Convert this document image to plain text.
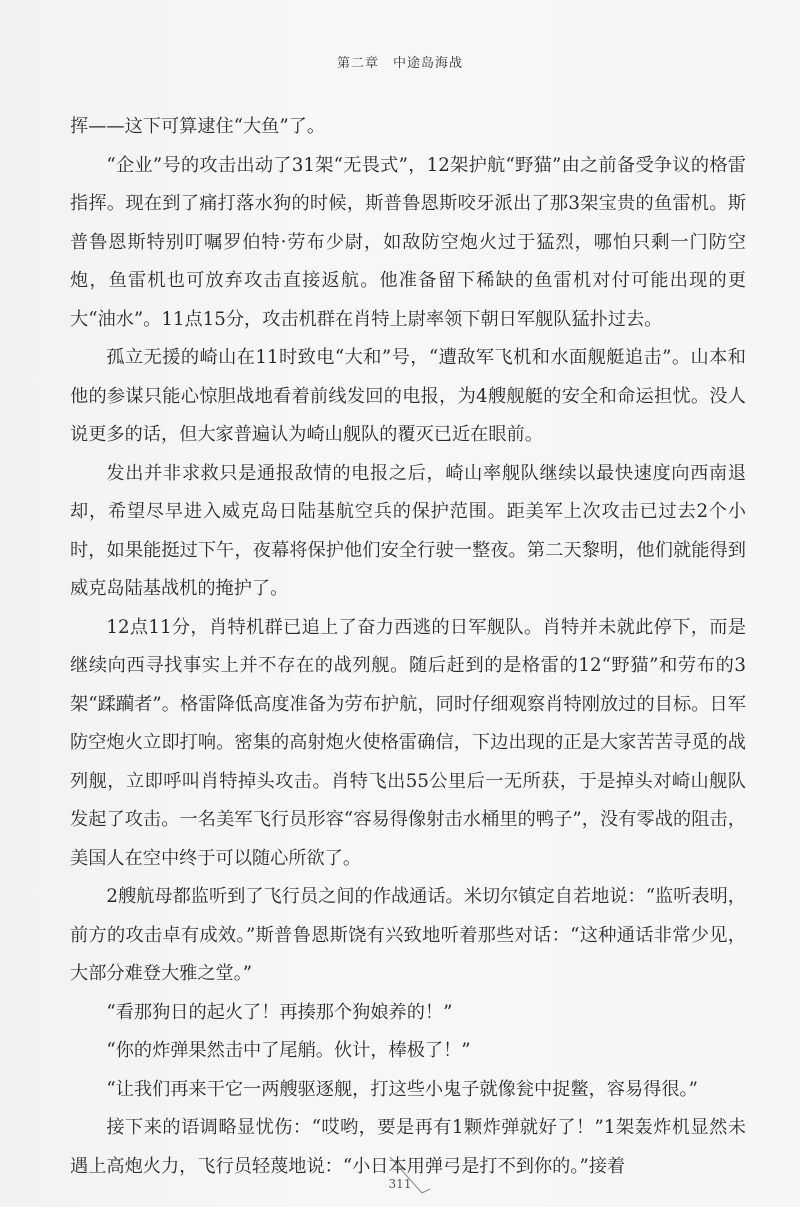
第二章　中途岛海战

挥——这下可算逮住“大鱼”了。

“企业”号的攻击出动了31架“无畏式”，12架护航“野猫”由之前备受争议的格雷指挥。现在到了痛打落水狗的时候，斯普鲁恩斯咬牙派出了那3架宝贵的鱼雷机。斯普鲁恩斯特别叮嘱罗伯特·劳布少尉，如敌防空炮火过于猛烈，哪怕只剩一门防空炮，鱼雷机也可放弃攻击直接返航。他准备留下稀缺的鱼雷机对付可能出现的更大“油水”。11点15分，攻击机群在肖特上尉率领下朝日军舰队猛扑过去。

孤立无援的崎山在11时致电“大和”号，“遭敌军飞机和水面舰艇追击”。山本和他的参谋只能心惊胆战地看着前线发回的电报，为4艘舰艇的安全和命运担忧。没人说更多的话，但大家普遍认为崎山舰队的覆灭已近在眼前。

发出并非求救只是通报敌情的电报之后，崎山率舰队继续以最快速度向西南退却，希望尽早进入威克岛日陆基航空兵的保护范围。距美军上次攻击已过去2个小时，如果能挺过下午，夜幕将保护他们安全行驶一整夜。第二天黎明，他们就能得到威克岛陆基战机的掩护了。

12点11分，肖特机群已追上了奋力西逃的日军舰队。肖特并未就此停下，而是继续向西寻找事实上并不存在的战列舰。随后赶到的是格雷的12“野猫”和劳布的3架“蹂躏者”。格雷降低高度准备为劳布护航，同时仔细观察肖特刚放过的目标。日军防空炮火立即打响。密集的高射炮火使格雷确信，下边出现的正是大家苦苦寻觅的战列舰，立即呼叫肖特掉头攻击。肖特飞出55公里后一无所获，于是掉头对崎山舰队发起了攻击。一名美军飞行员形容“容易得像射击水桶里的鸭子”，没有零战的阻击，美国人在空中终于可以随心所欲了。

2艘航母都监听到了飞行员之间的作战通话。米切尔镇定自若地说：“监听表明，前方的攻击卓有成效。”斯普鲁恩斯饶有兴致地听着那些对话：“这种通话非常少见，大部分难登大雅之堂。”

“看那狗日的起火了！再揍那个狗娘养的！”

“你的炸弹果然击中了尾艄。伙计，棒极了！”

“让我们再来干它一两艘驱逐舰，打这些小鬼子就像瓮中捉鳖，容易得很。”

接下来的语调略显忧伤：“哎哟，要是再有1颗炸弹就好了！”1架轰炸机显然未遇上高炮火力，飞行员轻蔑地说：“小日本用弹弓是打不到你的。”接着

311
